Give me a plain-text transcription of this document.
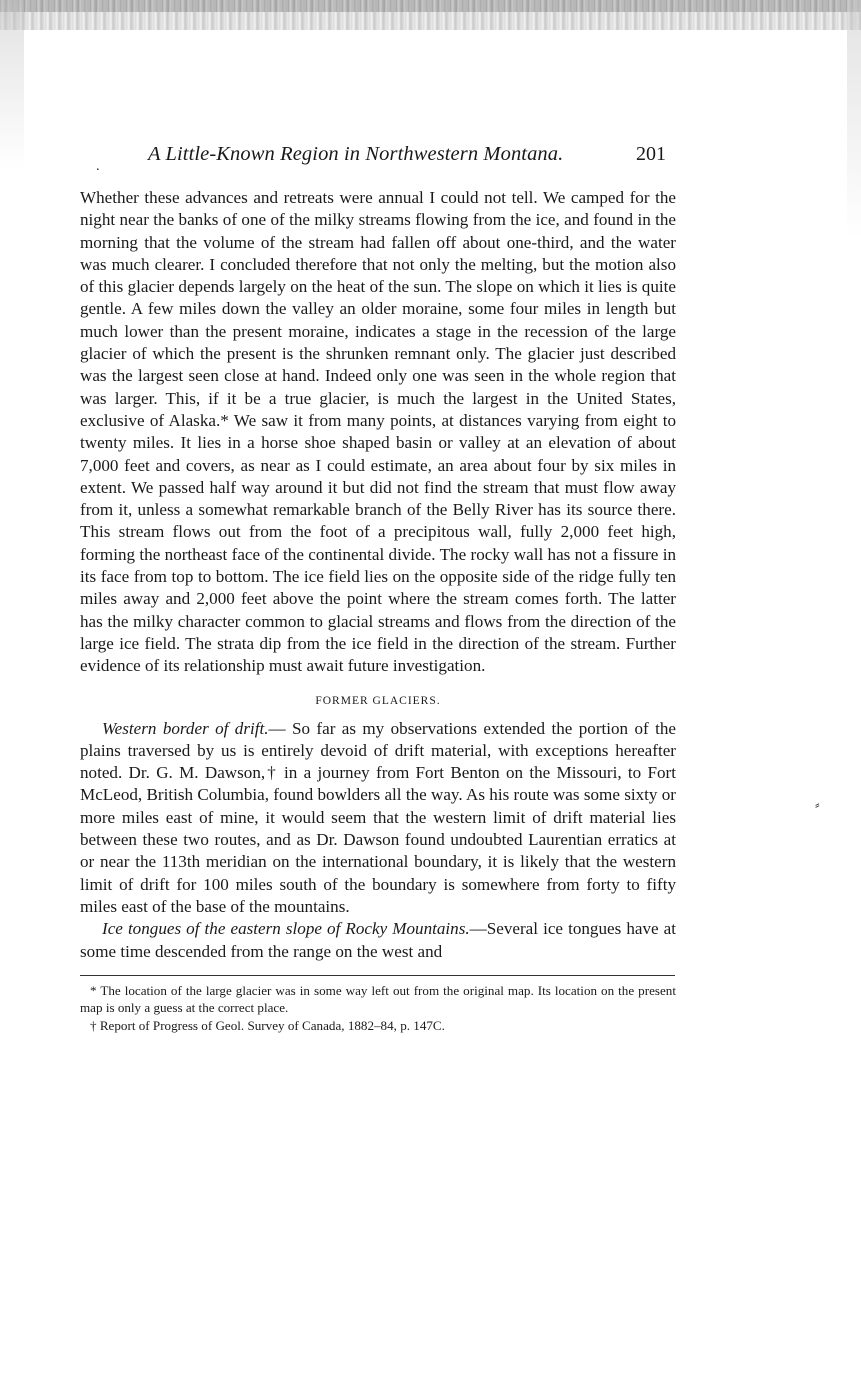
.
A Little-Known Region in Northwestern Montana.	201

Whether these advances and retreats were annual I could not tell. We camped for the night near the banks of one of the milky streams flowing from the ice, and found in the morning that the volume of the stream had fallen off about one-third, and the water was much clearer. I concluded therefore that not only the melting, but the motion also of this glacier depends largely on the heat of the sun. The slope on which it lies is quite gentle. A few miles down the valley an older moraine, some four miles in length but much lower than the present moraine, indicates a stage in the recession of the large glacier of which the present is the shrunken remnant only. The glacier just described was the largest seen close at hand. Indeed only one was seen in the whole region that was larger. This, if it be a true glacier, is much the largest in the United States, exclusive of Alaska.* We saw it from many points, at distances varying from eight to twenty miles. It lies in a horse shoe shaped basin or valley at an elevation of about 7,000 feet and covers, as near as I could estimate, an area about four by six miles in extent. We passed half way around it but did not find the stream that must flow away from it, unless a somewhat remarkable branch of the Belly River has its source there. This stream flows out from the foot of a precipitous wall, fully 2,000 feet high, forming the northeast face of the continental divide. The rocky wall has not a fissure in its face from top to bottom. The ice field lies on the opposite side of the ridge fully ten miles away and 2,000 feet above the point where the stream comes forth. The latter has the milky character common to glacial streams and flows from the direction of the large ice field. The strata dip from the ice field in the direction of the stream. Further evidence of its relationship must await future investigation.

FORMER GLACIERS.

Western border of drift.— So far as my observations extended the portion of the plains traversed by us is entirely devoid of drift material, with exceptions hereafter noted. Dr. G. M. Dawson,† in a journey from Fort Benton on the Missouri, to Fort McLeod, British Columbia, found bowlders all the way. As his route was some sixty or more miles east of mine, it would seem that the western limit of drift material lies between these two routes, and as Dr. Dawson found undoubted Laurentian erratics at or near the 113th meridian on the international boundary, it is likely that the western limit of drift for 100 miles south of the boundary is somewhere from forty to fifty miles east of the base of the mountains.

Ice tongues of the eastern slope of Rocky Mountains.—Several ice tongues have at some time descended from the range on the west and

* The location of the large glacier was in some way left out from the original map. Its location on the present map is only a guess at the correct place.

† Report of Progress of Geol. Survey of Canada, 1882–84, p. 147C.

⸗
